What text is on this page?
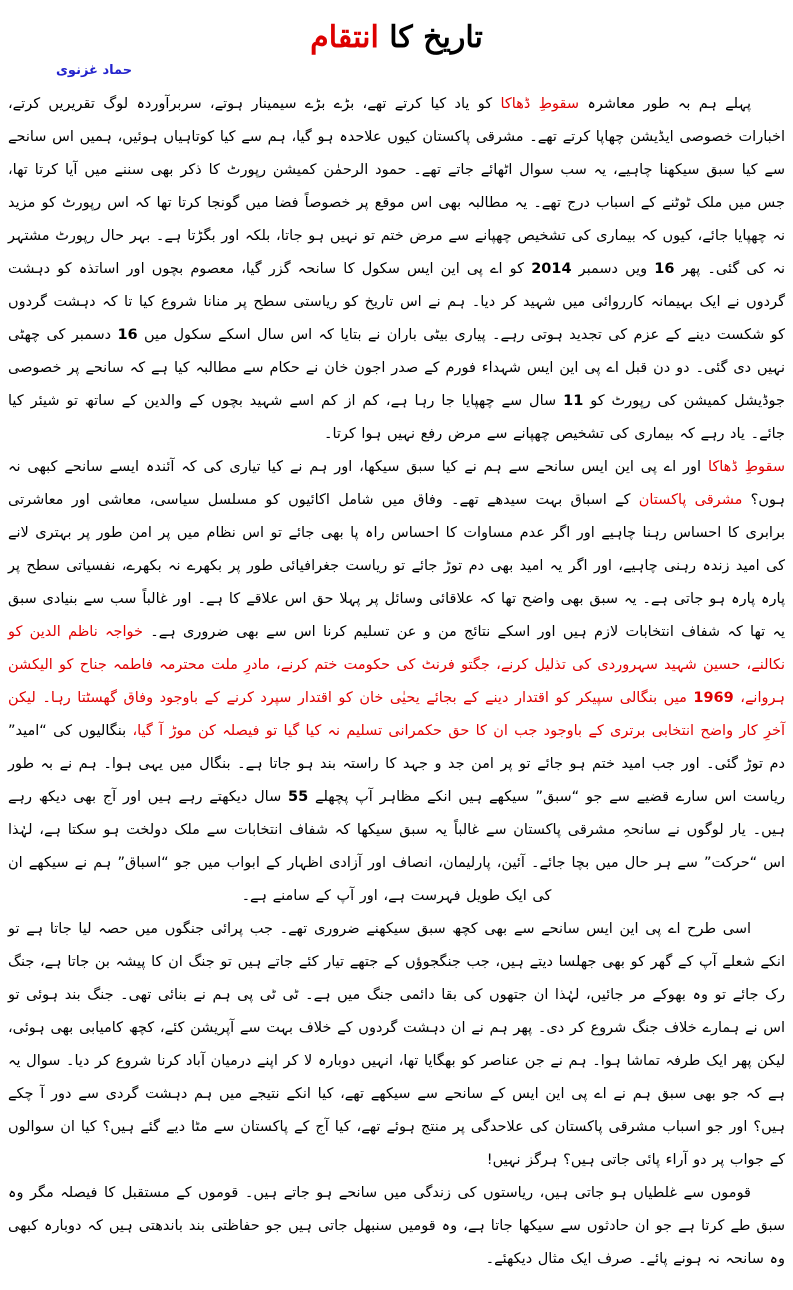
تاریخ کا انتقام
حماد غزنوی
پہلے ہم بہ طور معاشرہ سقوطِ ڈھاکا کو یاد کیا کرتے تھے، بڑے بڑے سیمینار ہوتے، سربرآوردہ لوگ تقریریں کرتے، اخبارات خصوصی ایڈیشن چھاپا کرتے تھے۔ مشرقی پاکستان کیوں علاحدہ ہو گیا، ہم سے کیا کوتاہیاں ہوئیں، ہمیں اس سانحے سے کیا سبق سیکھنا چاہیے، یہ سب سوال اٹھائے جاتے تھے۔ حمود الرحمٰن کمیشن رپورٹ کا ذکر بھی سننے میں آیا کرتا تھا، جس میں ملک ٹوٹنے کے اسباب درج تھے۔ یہ مطالبہ بھی اس موقع پر خصوصاً فضا میں گونجا کرتا تھا کہ اس رپورٹ کو مزید نہ چھپایا جائے، کیوں کہ بیماری کی تشخیص چھپانے سے مرض ختم تو نہیں ہو جاتا، بلکہ اور بگڑتا ہے۔ بہر حال رپورٹ مشتہر نہ کی گئی۔ پھر 16 ویں دسمبر 2014 کو اے پی این ایس سکول کا سانحہ گزر گیا، معصوم بچوں اور اساتذہ کو دہشت گردوں نے ایک بہیمانہ کارروائی میں شہید کر دیا۔ ہم نے اس تاریخ کو ریاستی سطح پر منانا شروع کیا تا کہ دہشت گردوں کو شکست دینے کے عزم کی تجدید ہوتی رہے۔ پیاری بیٹی باران نے بتایا کہ اس سال اسکے سکول میں 16 دسمبر کی چھٹی نہیں دی گئی۔ دو دن قبل اے پی این ایس شہداء فورم کے صدر اجون خان نے حکام سے مطالبہ کیا ہے کہ سانحے پر خصوصی جوڈیشل کمیشن کی رپورٹ کو 11 سال سے چھپایا جا رہا ہے، کم از کم اسے شہید بچوں کے والدین کے ساتھ تو شیئر کیا جائے۔ یاد رہے کہ بیماری کی تشخیص چھپانے سے مرض رفع نہیں ہوا کرتا۔
سقوطِ ڈھاکا اور اے پی این ایس سانحے سے ہم نے کیا سبق سیکھا، اور ہم نے کیا تیاری کی کہ آئندہ ایسے سانحے کبھی نہ ہوں؟ مشرقی پاکستان کے اسباق بہت سیدھے تھے۔ وفاق میں شامل اکائیوں کو مسلسل سیاسی، معاشی اور معاشرتی برابری کا احساس رہنا چاہیے اور اگر عدم مساوات کا احساس راہ پا بھی جائے تو اس نظام میں پر امن طور پر بہتری لانے کی امید زندہ رہنی چاہیے، اور اگر یہ امید بھی دم توڑ جائے تو ریاست جغرافیائی طور پر بکھرے نہ بکھرے، نفسیاتی سطح پر پارہ پارہ ہو جاتی ہے۔ یہ سبق بھی واضح تھا کہ علاقائی وسائل پر پہلا حق اس علاقے کا ہے۔ اور غالباً سب سے بنیادی سبق یہ تھا کہ شفاف انتخابات لازم ہیں اور اسکے نتائج من و عن تسلیم کرنا اس سے بھی ضروری ہے۔ خواجہ ناظم الدین کو نکالنے، حسین شہید سہروردی کی تذلیل کرنے، جگتو فرنٹ کی حکومت ختم کرنے، مادرِ ملت محترمہ فاطمہ جناح کو الیکشن ہروانے، 1969 میں بنگالی سپیکر کو اقتدار دینے کے بجائے یحیٰی خان کو اقتدار سپرد کرنے کے باوجود وفاق گھسٹتا رہا۔ لیکن آخرِ کار واضح انتخابی برتری کے باوجود جب ان کا حق حکمرانی تسلیم نہ کیا گیا تو فیصلہ کن موڑ آ گیا، بنگالیوں کی “امید” دم توڑ گئی۔ اور جب امید ختم ہو جائے تو پر امن جد و جہد کا راستہ بند ہو جاتا ہے۔ بنگال میں یہی ہوا۔ ہم نے بہ طور ریاست اس سارے قضیے سے جو “سبق” سیکھے ہیں انکے مظاہر آپ پچھلے 55 سال دیکھتے رہے ہیں اور آج بھی دیکھ رہے ہیں۔ یار لوگوں نے سانحہِ مشرقی پاکستان سے غالباً یہ سبق سیکھا کہ شفاف انتخابات سے ملک دولخت ہو سکتا ہے، لہٰذا اس “حرکت” سے ہر حال میں بچا جائے۔ آئین، پارلیمان، انصاف اور آزادی اظہار کے ابواب میں جو “اسباق” ہم نے سیکھے ان کی ایک طویل فہرست ہے، اور آپ کے سامنے ہے۔
اسی طرح اے پی این ایس سانحے سے بھی کچھ سبق سیکھنے ضروری تھے۔ جب پرائی جنگوں میں حصہ لیا جاتا ہے تو انکے شعلے آپ کے گھر کو بھی جھلسا دیتے ہیں، جب جنگجوؤں کے جتھے تیار کئے جاتے ہیں تو جنگ ان کا پیشہ بن جاتا ہے، جنگ رک جائے تو وہ بھوکے مر جائیں، لہٰذا ان جتھوں کی بقا دائمی جنگ میں ہے۔ ٹی ٹی پی ہم نے بنائی تھی۔ جنگ بند ہوئی تو اس نے ہمارے خلاف جنگ شروع کر دی۔ پھر ہم نے ان دہشت گردوں کے خلاف بہت سے آپریشن کئے، کچھ کامیابی بھی ہوئی، لیکن پھر ایک طرفہ تماشا ہوا۔ ہم نے جن عناصر کو بھگایا تھا، انہیں دوبارہ لا کر اپنے درمیان آباد کرنا شروع کر دیا۔ سوال یہ ہے کہ جو بھی سبق ہم نے اے پی این ایس کے سانحے سے سیکھے تھے، کیا انکے نتیجے میں ہم دہشت گردی سے دور آ چکے ہیں؟ اور جو اسباب مشرقی پاکستان کی علاحدگی پر منتج ہوئے تھے، کیا آج کے پاکستان سے مٹا دیے گئے ہیں؟ کیا ان سوالوں کے جواب پر دو آراء پائی جاتی ہیں؟ ہرگز نہیں!
قوموں سے غلطیاں ہو جاتی ہیں، ریاستوں کی زندگی میں سانحے ہو جاتے ہیں۔ قوموں کے مستقبل کا فیصلہ مگر وہ سبق طے کرتا ہے جو ان حادثوں سے سیکھا جاتا ہے، وہ قومیں سنبھل جاتی ہیں جو حفاظتی بند باندھتی ہیں کہ دوبارہ کبھی وہ سانحہ نہ ہونے پائے۔ صرف ایک مثال دیکھئے۔
